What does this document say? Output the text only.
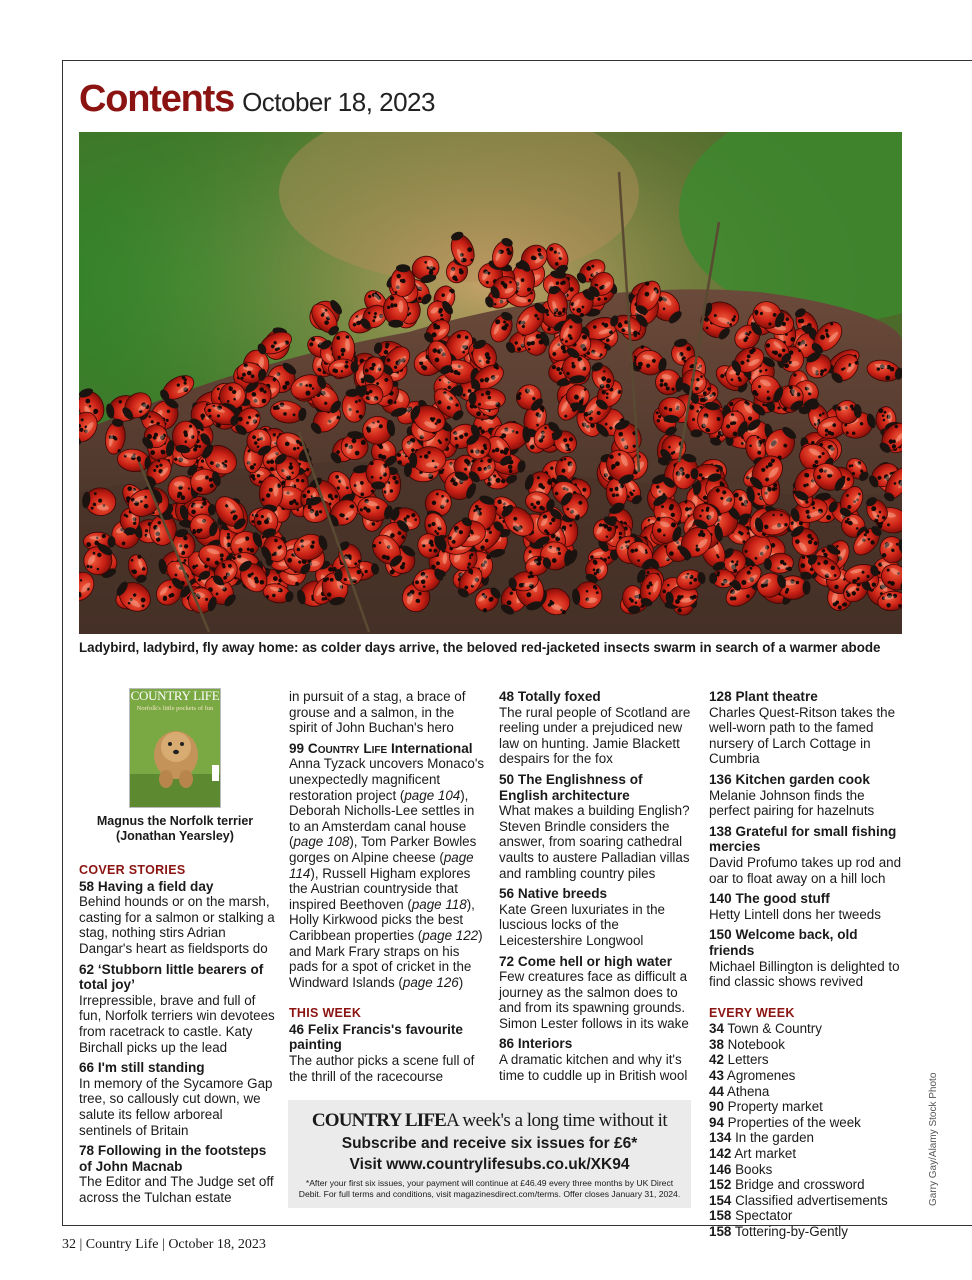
Contents October 18, 2023
Ladybird, ladybird, fly away home: as colder days arrive, the beloved red-jacketed insects swarm in search of a warmer abode
COUNTRY LIFE
Norfolk's little pockets of fun
Magnus the Norfolk terrier
(Jonathan Yearsley)

COVER STORIES

58 Having a field day

Behind hounds or on the marsh, casting for a salmon or stalking a stag, nothing stirs Adrian Dangar's heart as fieldsports do

62 ‘Stubborn little bearers of total joy’

Irrepressible, brave and full of fun, Norfolk terriers win devotees from racetrack to castle. Katy Birchall picks up the lead

66 I'm still standing

In memory of the Sycamore Gap tree, so callously cut down, we salute its fellow arboreal sentinels of Britain

78 Following in the footsteps of John Macnab

The Editor and The Judge set off across the Tulchan estate

in pursuit of a stag, a brace of grouse and a salmon, in the spirit of John Buchan's hero

99 Country Life International

Anna Tyzack uncovers Monaco's unexpectedly magnificent restoration project (page 104), Deborah Nicholls-Lee settles in to an Amsterdam canal house (page 108), Tom Parker Bowles gorges on Alpine cheese (page 114), Russell Higham explores the Austrian countryside that inspired Beethoven (page 118), Holly Kirkwood picks the best Caribbean properties (page 122) and Mark Frary straps on his pads for a spot of cricket in the Windward Islands (page 126)

THIS WEEK

46 Felix Francis's favourite painting

The author picks a scene full of the thrill of the racecourse

48 Totally foxed

The rural people of Scotland are reeling under a prejudiced new law on hunting. Jamie Blackett despairs for the fox

50 The Englishness of English architecture

What makes a building English? Steven Brindle considers the answer, from soaring cathedral vaults to austere Palladian villas and rambling country piles

56 Native breeds

Kate Green luxuriates in the luscious locks of the Leicestershire Longwool

72 Come hell or high water

Few creatures face as difficult a journey as the salmon does to and from its spawning grounds. Simon Lester follows in its wake

86 Interiors

A dramatic kitchen and why it's time to cuddle up in British wool

128 Plant theatre

Charles Quest-Ritson takes the well-worn path to the famed nursery of Larch Cottage in Cumbria

136 Kitchen garden cook

Melanie Johnson finds the perfect pairing for hazelnuts

138 Grateful for small fishing mercies

David Profumo takes up rod and oar to float away on a hill loch

140 The good stuff

Hetty Lintell dons her tweeds

150 Welcome back, old friends

Michael Billington is delighted to find classic shows revived

EVERY WEEK

34 Town & Country

38 Notebook

42 Letters

43 Agromenes

44 Athena

90 Property market

94 Properties of the week

134 In the garden

142 Art market

146 Books

152 Bridge and crossword

154 Classified advertisements

158 Spectator

158 Tottering-by-Gently

COUNTRY LIFEA week's a long time without it
Subscribe and receive six issues for £6*
Visit www.countrylifesubs.co.uk/XK94
*After your first six issues, your payment will continue at £46.49 every three months by UK Direct Debit. For full terms and conditions, visit magazinesdirect.com/terms. Offer closes January 31, 2024.	Garry Gay/Alamy Stock Photo
32 | Country Life | October 18, 2023
